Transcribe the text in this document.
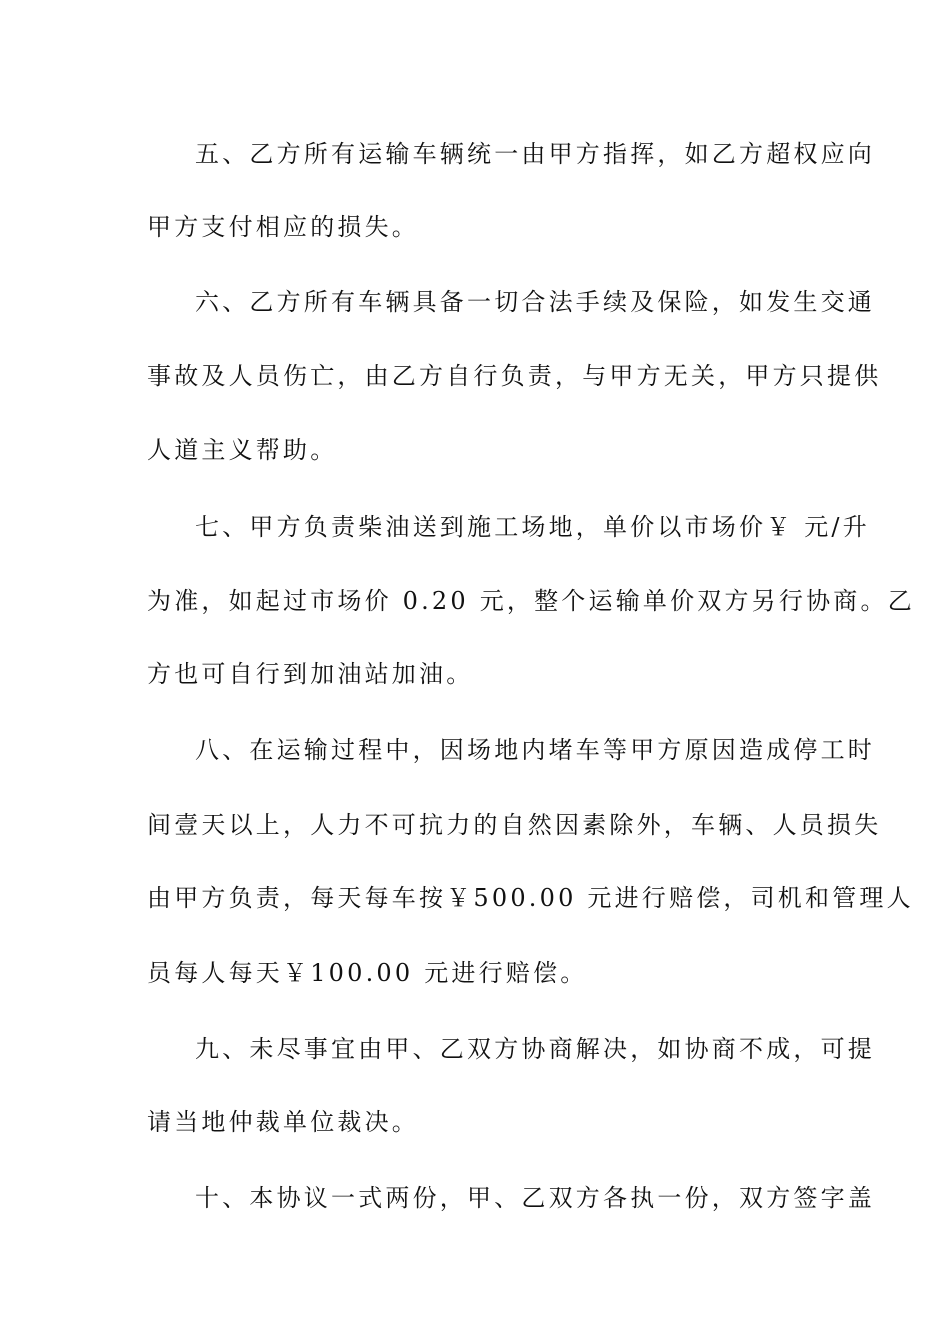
五、乙方所有运输车辆统一由甲方指挥，如乙方超权应向
甲方支付相应的损失。
六、乙方所有车辆具备一切合法手续及保险，如发生交通
事故及人员伤亡，由乙方自行负责，与甲方无关，甲方只提供
人道主义帮助。
七、甲方负责柴油送到施工场地，单价以市场价￥ 元/升
为准，如起过市场价 0.20 元，整个运输单价双方另行协商。乙
方也可自行到加油站加油。
八、在运输过程中，因场地内堵车等甲方原因造成停工时
间壹天以上，人力不可抗力的自然因素除外，车辆、人员损失
由甲方负责，每天每车按￥500.00 元进行赔偿，司机和管理人
员每人每天￥100.00 元进行赔偿。
九、未尽事宜由甲、乙双方协商解决，如协商不成，可提
请当地仲裁单位裁决。
十、本协议一式两份，甲、乙双方各执一份，双方签字盖
